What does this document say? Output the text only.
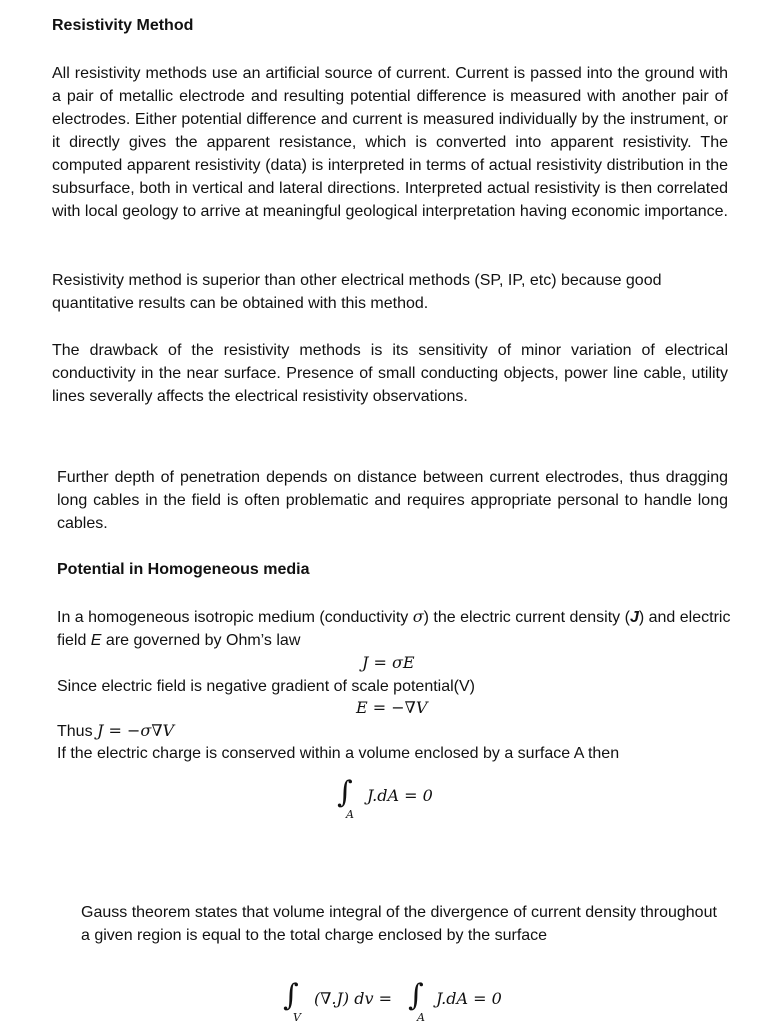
Resistivity Method

All resistivity methods use an artificial source of current. Current is passed into the ground with a pair of metallic electrode and resulting potential difference is measured with another pair of electrodes. Either potential difference and current is measured individually by the instrument, or it directly gives the apparent resistance, which is converted into apparent resistivity. The computed apparent resistivity (data) is interpreted in terms of actual resistivity distribution in the subsurface, both in vertical and lateral directions. Interpreted actual resistivity is then correlated with local geology to arrive at meaningful geological interpretation having economic importance.

Resistivity method is superior than other electrical methods (SP, IP, etc) because good quantitative results can be obtained with this method.

The drawback of the resistivity methods is its sensitivity of minor variation of electrical conductivity in the near surface. Presence of small conducting objects, power line cable, utility lines severally affects the electrical resistivity observations.

Further depth of penetration depends on distance between current electrodes, thus dragging long cables in the field is often problematic and requires appropriate personal to handle long cables.

Potential in Homogeneous media

In a homogeneous isotropic medium (conductivity σ) the electric current density (J) and electric field E are governed by Ohm’s law

J = σE

Since electric field is negative gradient of scale potential(V)

E = −∇V

Thus J = −σ∇V

If the electric charge is conserved within a volume enclosed by a surface A then

∫
A
J.dA = 0

Gauss theorem states that volume integral of the divergence of current density throughout a given region is equal to the total charge enclosed by the surface

∫
V
(∇.J) dv = ∫
A
J.dA = 0
